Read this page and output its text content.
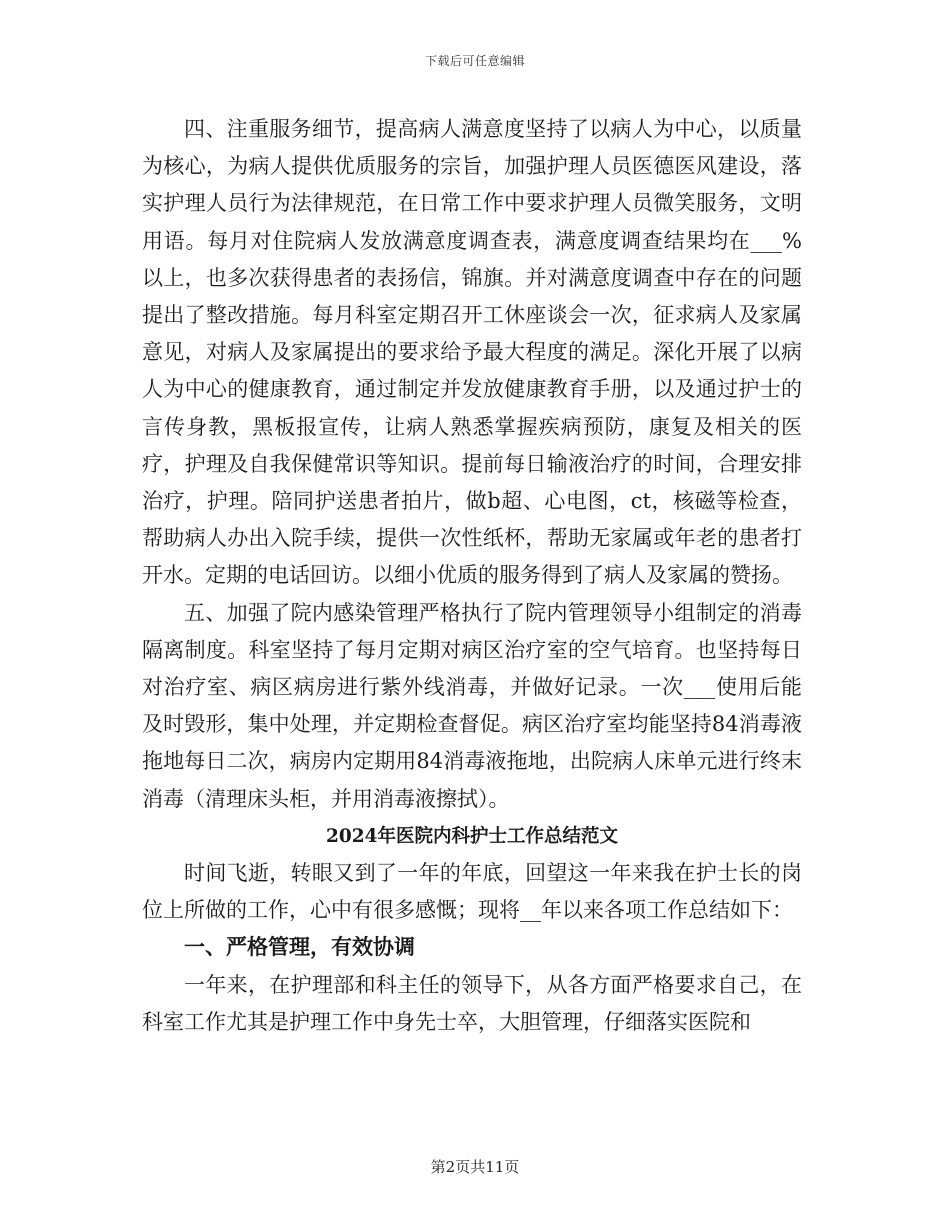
下载后可任意编辑

四、注重服务细节，提高病人满意度坚持了以病人为中心，以质量为核心，为病人提供优质服务的宗旨，加强护理人员医德医风建设，落实护理人员行为法律规范，在日常工作中要求护理人员微笑服务，文明用语。每月对住院病人发放满意度调查表，满意度调查结果均在___%以上，也多次获得患者的表扬信，锦旗。并对满意度调查中存在的问题提出了整改措施。每月科室定期召开工休座谈会一次，征求病人及家属意见，对病人及家属提出的要求给予最大程度的满足。深化开展了以病人为中心的健康教育，通过制定并发放健康教育手册，以及通过护士的言传身教，黑板报宣传，让病人熟悉掌握疾病预防，康复及相关的医疗，护理及自我保健常识等知识。提前每日输液治疗的时间，合理安排治疗，护理。陪同护送患者拍片，做b超、心电图，ct，核磁等检查，帮助病人办出入院手续，提供一次性纸杯，帮助无家属或年老的患者打开水。定期的电话回访。以细小优质的服务得到了病人及家属的赞扬。

五、加强了院内感染管理严格执行了院内管理领导小组制定的消毒隔离制度。科室坚持了每月定期对病区治疗室的空气培育。也坚持每日对治疗室、病区病房进行紫外线消毒，并做好记录。一次___使用后能及时毁形，集中处理，并定期检查督促。病区治疗室均能坚持84消毒液拖地每日二次，病房内定期用84消毒液拖地，出院病人床单元进行终末消毒（清理床头柜，并用消毒液擦拭）。

2024年医院内科护士工作总结范文

时间飞逝，转眼又到了一年的年底，回望这一年来我在护士长的岗位上所做的工作，心中有很多感慨；现将__年以来各项工作总结如下：

一、严格管理，有效协调

一年来，在护理部和科主任的领导下，从各方面严格要求自己，在科室工作尤其是护理工作中身先士卒，大胆管理，仔细落实医院和

第2页共11页
